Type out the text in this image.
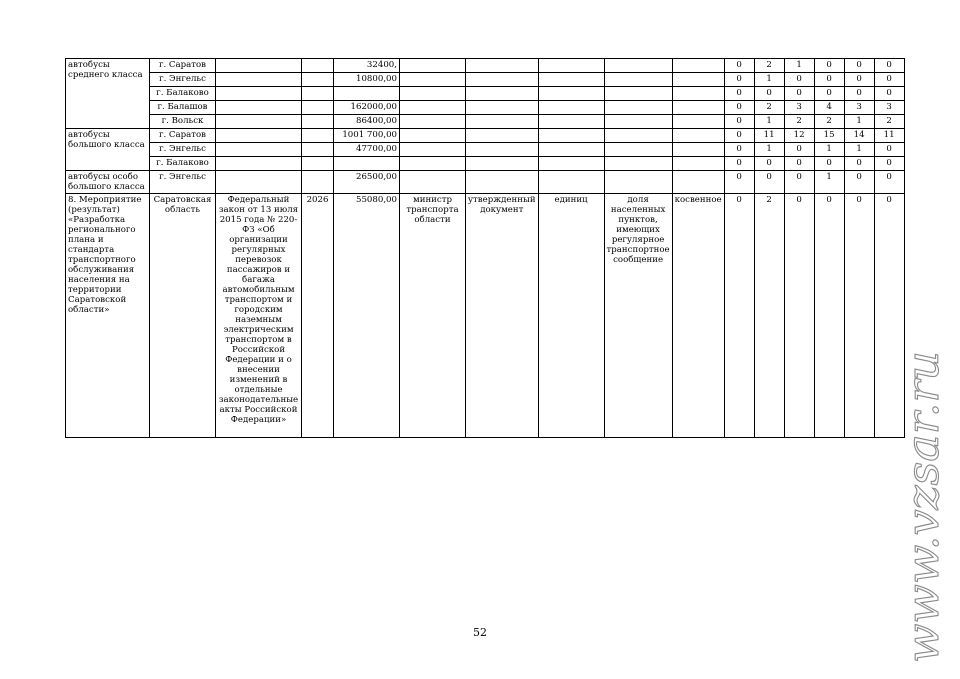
автобусы среднего класса	г. Саратов			32400,						0	2	1	0	0	0
	г. Энгельс			10800,00						0	1	0	0	0	0
	г. Балаково									0	0	0	0	0	0
	г. Балашов			162000,00						0	2	3	4	3	3
	г. Вольск			86400,00						0	1	2	2	1	2
автобусы большого класса	г. Саратов			1001 700,00						0	11	12	15	14	11
	г. Энгельс			47700,00						0	1	0	1	1	0
	г. Балаково									0	0	0	0	0	0
автобусы особо большого класса	г. Энгельс			26500,00						0	0	0	1	0	0
8. Мероприятие (результат) «Разработка регионального плана и стандарта транспортного обслуживания населения на территории Саратовской области»	Саратовская область	Федеральный закон от 13 июля 2015 года № 220-ФЗ «Об организации регулярных перевозок пассажиров и багажа автомобильным транспортом и городским наземным электрическим транспортом в Российской Федерации и о внесении изменений в отдельные законодательные акты Российской Федерации»	2026	55080,00	министр транспорта области	утвержденный документ	единиц	доля населенных пунктов, имеющих регулярное транспортное сообщение	косвенное	0	2	0	0	0	0
52	www.vzsar.ru
